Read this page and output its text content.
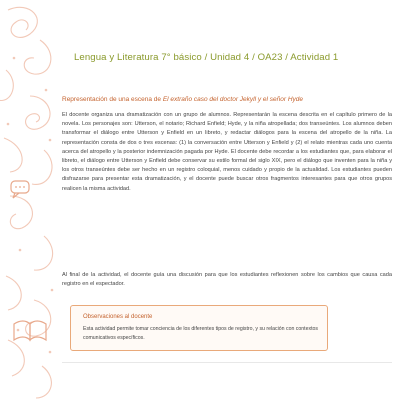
Lengua y Literatura 7° básico / Unidad 4 / OA23 / Actividad 1
Representación de una escena de El extraño caso del doctor Jekyll y el señor Hyde
El docente organiza una dramatización con un grupo de alumnos. Representarán la escena descrita en el capítulo primero de la novela. Los personajes son: Utterson, el notario; Richard Enfield; Hyde, y la niña atropellada; dos transeúntes. Los alumnos deben transformar el diálogo entre Utterson y Enfield en un libreto, y redactar diálogos para la escena del atropello de la niña. La representación consta de dos o tres escenas: (1) la conversación entre Utterson y Enfield y (2) el relato mientras cada uno cuenta acerca del atropello y la posterior indemnización pagada por Hyde. El docente debe recordar a los estudiantes que, para elaborar el libreto, el diálogo entre Utterson y Enfield debe conservar su estilo formal del siglo XIX, pero el diálogo que inventen para la niña y los otros transeúntes debe ser hecho en un registro coloquial, menos cuidado y propio de la actualidad. Los estudiantes pueden disfrazarse para presentar esta dramatización, y el docente puede buscar otros fragmentos interesantes para que otros grupos realicen la misma actividad.
Al final de la actividad, el docente guía una discusión para que los estudiantes reflexionen sobre los cambios que causa cada registro en el espectador.
Observaciones al docente
Esta actividad permite tomar conciencia de los diferentes tipos de registro, y su relación con contextos comunicativos específicos.
